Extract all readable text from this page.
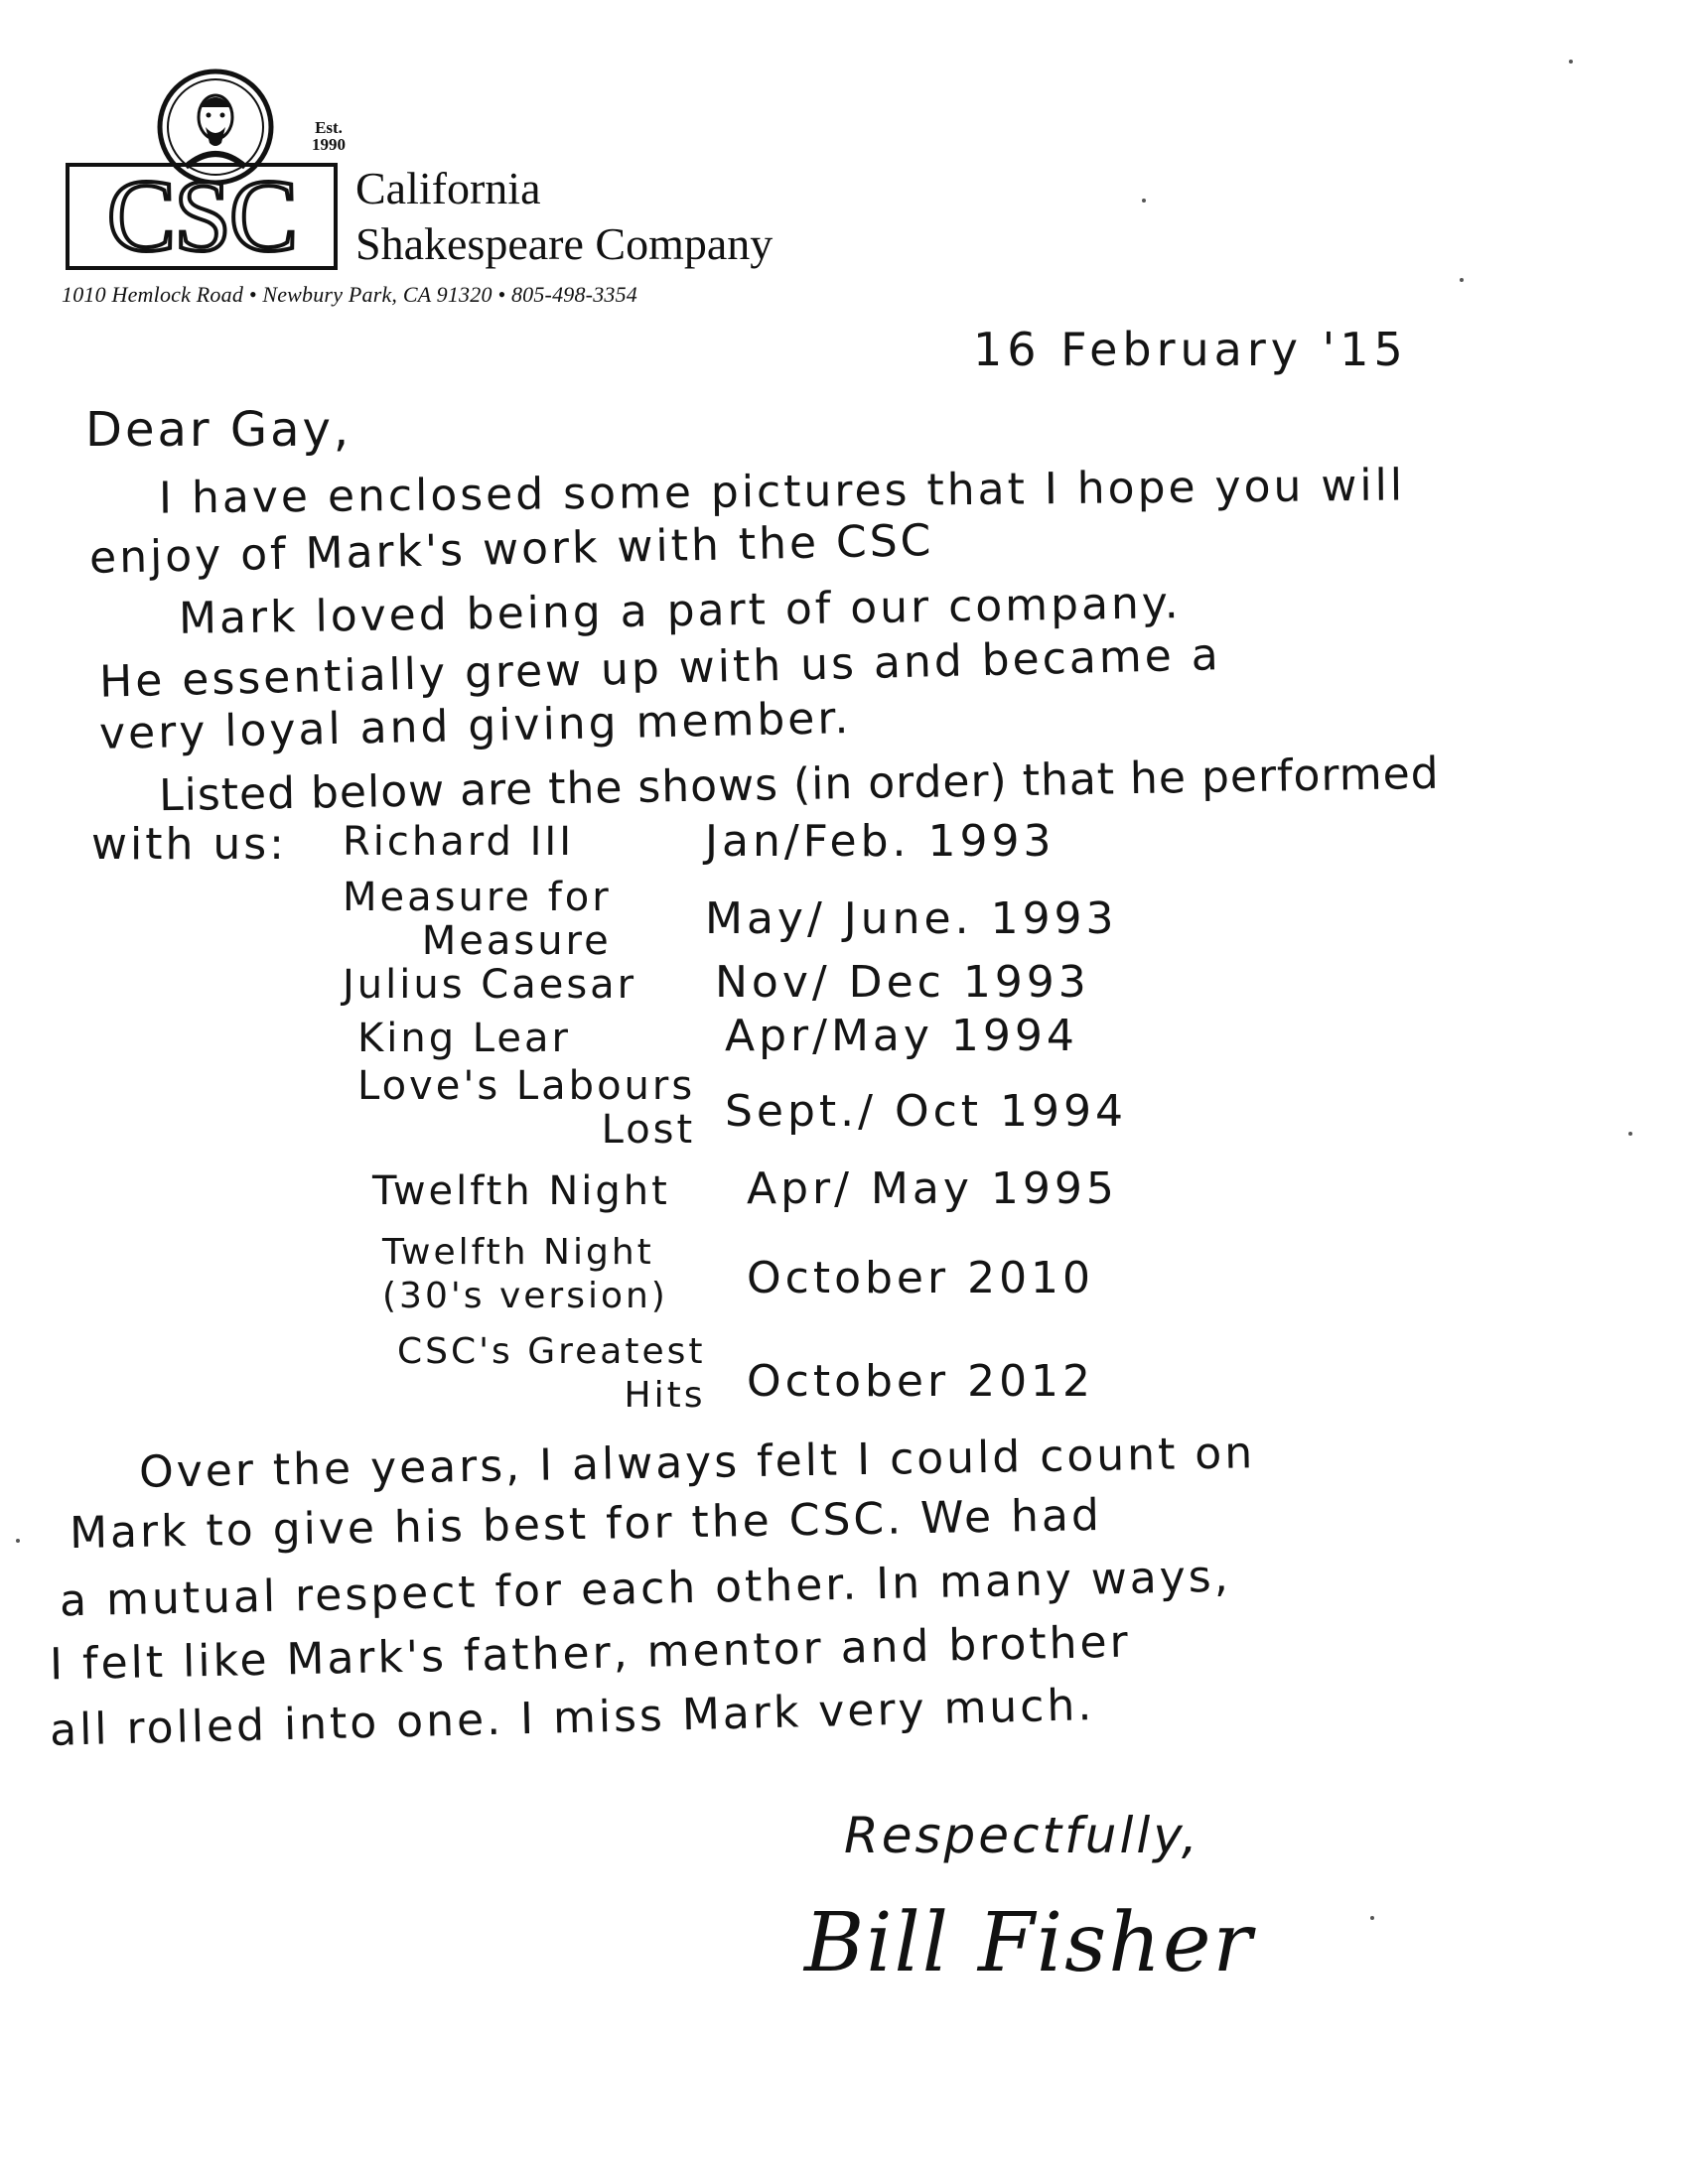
Est.
1990
CSC California
Shakespeare Company
1010 Hemlock Road • Newbury Park, CA 91320 • 805-498-3354
16 February '15
Dear Gay,
I have enclosed some pictures that I hope you will
enjoy of Mark's work with the CSC
Mark loved being a part of our company.
He essentially grew up with us and became a
very loyal and giving member.
Listed below are the shows (in order) that he performed
with us: Richard III	Jan/Feb. 1993
Measure for
Measure May/ June. 1993
Julius Caesar Nov/ Dec 1993
King Lear	Apr/May 1994
Love's Labours
Lost Sept./ Oct 1994
Twelfth Night Apr/ May 1995
Twelfth Night
(30's version) October 2010
CSC's Greatest
Hits October 2012
Over the years, I always felt I could count on
Mark to give his best for the CSC. We had
a mutual respect for each other. In many ways,
I felt like Mark's father, mentor and brother
all rolled into one. I miss Mark very much.
Respectfully,
Bill Fisher
